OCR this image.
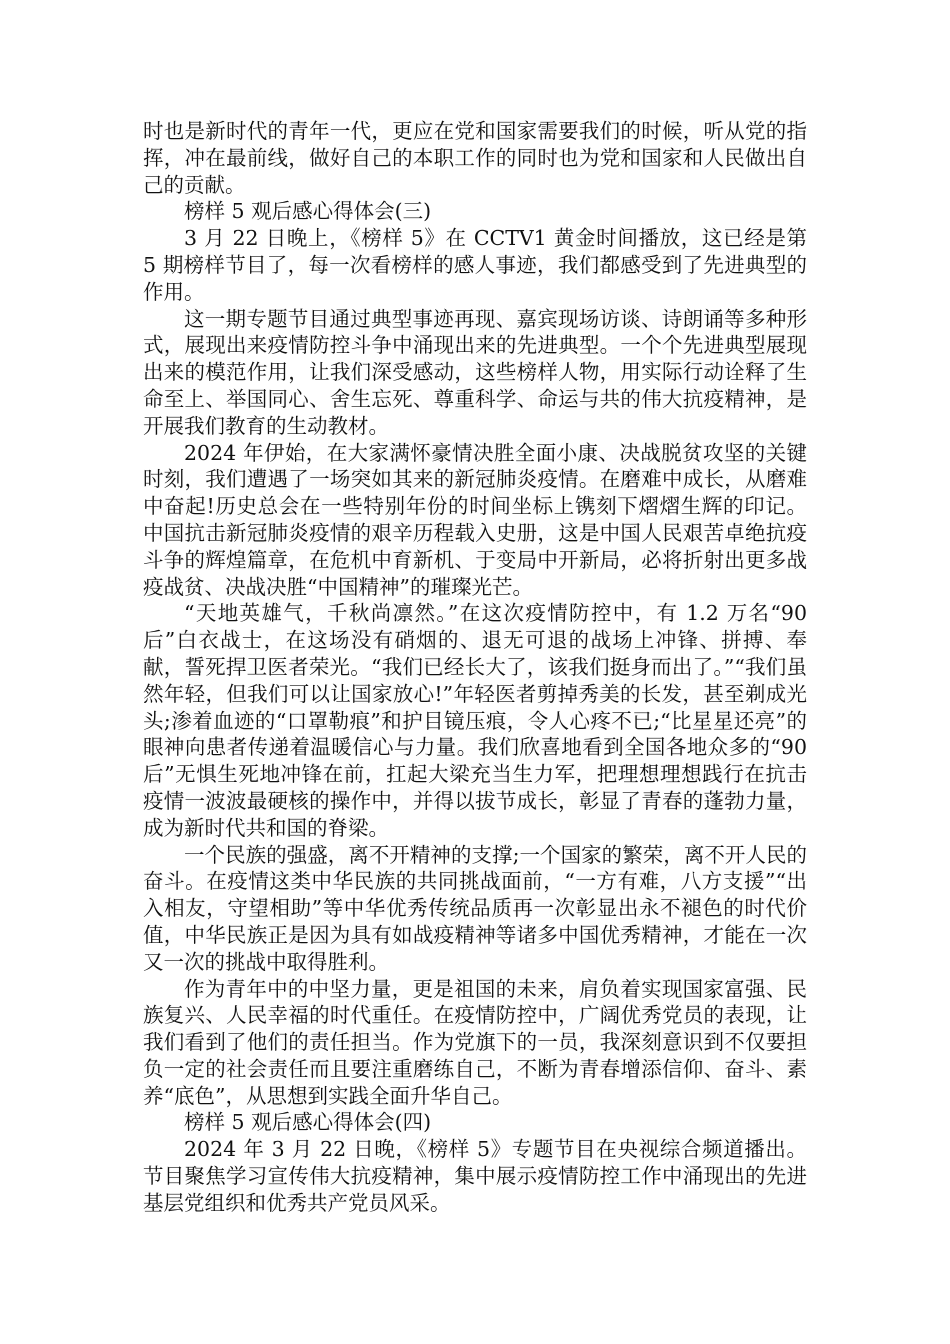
时也是新时代的青年一代，更应在党和国家需要我们的时候，听从党的指挥，冲在最前线，做好自己的本职工作的同时也为党和国家和人民做出自己的贡献。

榜样 5 观后感心得体会(三)

3 月 22 日晚上，《榜样 5》在 CCTV1 黄金时间播放，这已经是第 5 期榜样节目了，每一次看榜样的感人事迹，我们都感受到了先进典型的作用。

这一期专题节目通过典型事迹再现、嘉宾现场访谈、诗朗诵等多种形式，展现出来疫情防控斗争中涌现出来的先进典型。一个个先进典型展现出来的模范作用，让我们深受感动，这些榜样人物，用实际行动诠释了生命至上、举国同心、舍生忘死、尊重科学、命运与共的伟大抗疫精神，是开展我们教育的生动教材。

2024 年伊始，在大家满怀豪情决胜全面小康、决战脱贫攻坚的关键时刻，我们遭遇了一场突如其来的新冠肺炎疫情。在磨难中成长，从磨难中奋起!历史总会在一些特别年份的时间坐标上镌刻下熠熠生辉的印记。中国抗击新冠肺炎疫情的艰辛历程载入史册，这是中国人民艰苦卓绝抗疫斗争的辉煌篇章，在危机中育新机、于变局中开新局，必将折射出更多战疫战贫、决战决胜“中国精神”的璀璨光芒。

“天地英雄气，千秋尚凛然。”在这次疫情防控中，有 1.2 万名“90 后”白衣战士，在这场没有硝烟的、退无可退的战场上冲锋、拼搏、奉献，誓死捍卫医者荣光。“我们已经长大了，该我们挺身而出了。”“我们虽然年轻，但我们可以让国家放心!”年轻医者剪掉秀美的长发，甚至剃成光头;渗着血迹的“口罩勒痕”和护目镜压痕，令人心疼不已;“比星星还亮”的眼神向患者传递着温暖信心与力量。我们欣喜地看到全国各地众多的“90 后”无惧生死地冲锋在前，扛起大梁充当生力军，把理想理想践行在抗击疫情一波波最硬核的操作中，并得以拔节成长，彰显了青春的蓬勃力量，成为新时代共和国的脊梁。

一个民族的强盛，离不开精神的支撑;一个国家的繁荣，离不开人民的奋斗。在疫情这类中华民族的共同挑战面前，“一方有难，八方支援”“出入相友，守望相助”等中华优秀传统品质再一次彰显出永不褪色的时代价值，中华民族正是因为具有如战疫精神等诸多中国优秀精神，才能在一次又一次的挑战中取得胜利。

作为青年中的中坚力量，更是祖国的未来，肩负着实现国家富强、民族复兴、人民幸福的时代重任。在疫情防控中，广阔优秀党员的表现，让我们看到了他们的责任担当。作为党旗下的一员，我深刻意识到不仅要担负一定的社会责任而且要注重磨练自己，不断为青春增添信仰、奋斗、素养“底色”，从思想到实践全面升华自己。

榜样 5 观后感心得体会(四)

2024 年 3 月 22 日晚，《榜样 5》专题节目在央视综合频道播出。节目聚焦学习宣传伟大抗疫精神，集中展示疫情防控工作中涌现出的先进基层党组织和优秀共产党员风采。
